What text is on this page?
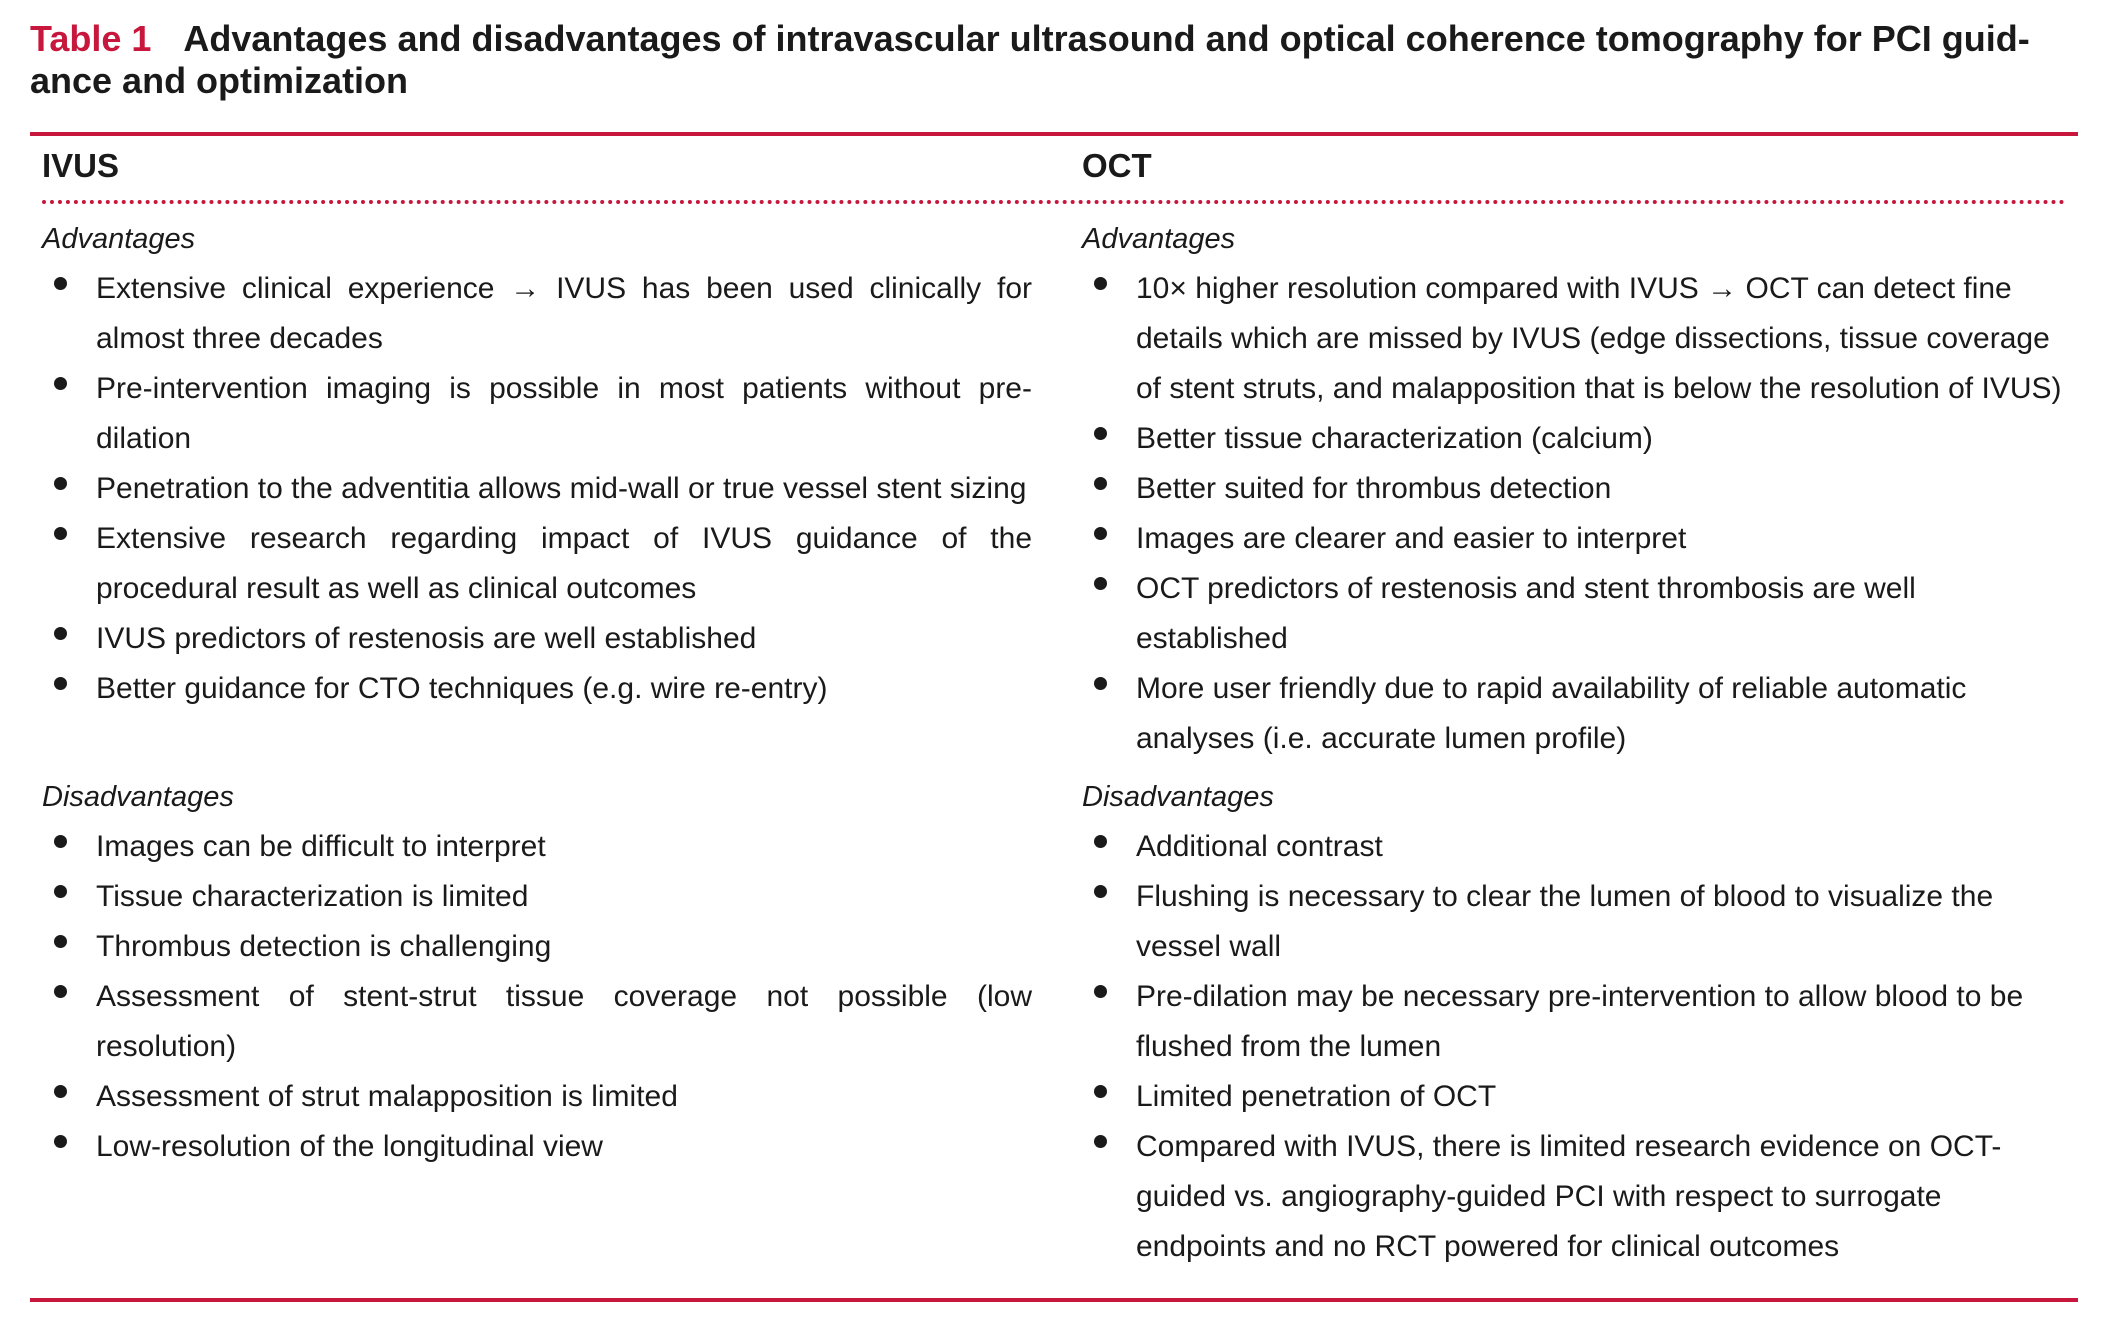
Table 1 Advantages and disadvantages of intravascular ultrasound and optical coherence tomography for PCI guid-ance and optimization
IVUS
Advantages
Extensive clinical experience → IVUS has been used clinically for almost three decades
Pre-intervention imaging is possible in most patients without pre-dilation
Penetration to the adventitia allows mid-wall or true vessel stent sizing
Extensive research regarding impact of IVUS guidance of the procedural result as well as clinical outcomes
IVUS predictors of restenosis are well established
Better guidance for CTO techniques (e.g. wire re-entry)
Disadvantages
Images can be difficult to interpret
Tissue characterization is limited
Thrombus detection is challenging
Assessment of stent-strut tissue coverage not possible (low resolution)
Assessment of strut malapposition is limited
Low-resolution of the longitudinal view
OCT
Advantages
10× higher resolution compared with IVUS → OCT can detect fine details which are missed by IVUS (edge dissections, tissue coverage of stent struts, and malapposition that is below the resolution of IVUS)
Better tissue characterization (calcium)
Better suited for thrombus detection
Images are clearer and easier to interpret
OCT predictors of restenosis and stent thrombosis are well established
More user friendly due to rapid availability of reliable automatic analyses (i.e. accurate lumen profile)
Disadvantages
Additional contrast
Flushing is necessary to clear the lumen of blood to visualize the vessel wall
Pre-dilation may be necessary pre-intervention to allow blood to be flushed from the lumen
Limited penetration of OCT
Compared with IVUS, there is limited research evidence on OCT-guided vs. angiography-guided PCI with respect to surrogate endpoints and no RCT powered for clinical outcomes
